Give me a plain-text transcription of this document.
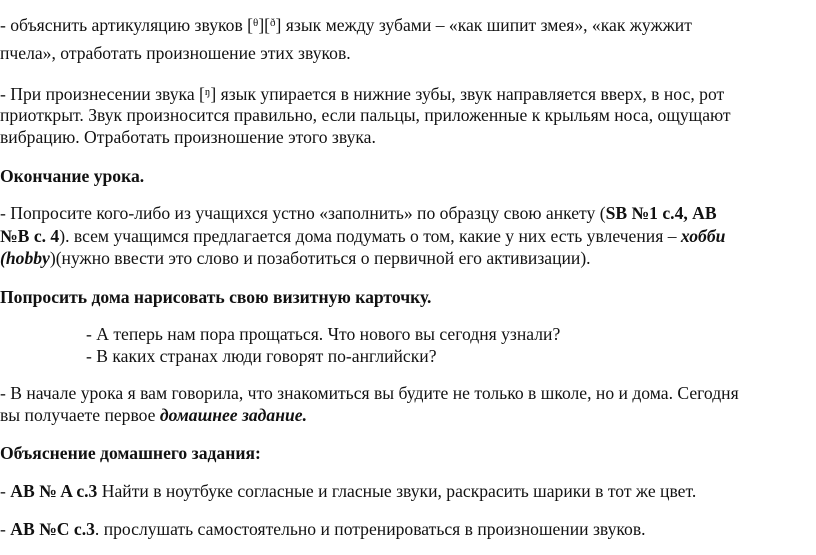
- объяснить артикуляцию звуков [$^\theta$][$^ð$] язык между зубами – «как шипит змея», «как жужжит
пчела», отработать произношение этих звуков.
- При произнесении звука [$^ŋ$] язык упирается в нижние зубы, звук направляется вверх, в нос, рот
приоткрыт. Звук произносится правильно, если пальцы, приложенные к крыльям носа, ощущают
вибрацию. Отработать произношение этого звука.
Окончание урока.
- Попросите кого-либо из учащихся устно «заполнить» по образцу свою анкету (SB №1 с.4, AB
№B с. 4). всем учащимся предлагается дома подумать о том, какие у них есть увлечения – хобби
(hobby)(нужно ввести это слово и позаботиться о первичной его активизации).
Попросить дома нарисовать свою визитную карточку.
- А теперь нам пора прощаться. Что нового вы сегодня узнали?
- В каких странах люди говорят по-английски?
- В начале урока я вам говорила, что знакомиться вы будите не только в школе, но и дома. Сегодня
вы получаете первое домашнее задание.
Объяснение домашнего задания:
- AB № A с.3 Найти в ноутбуке согласные и гласные звуки, раскрасить шарики в тот же цвет.
- AB №C с.3. прослушать самостоятельно и потренироваться в произношении звуков.
